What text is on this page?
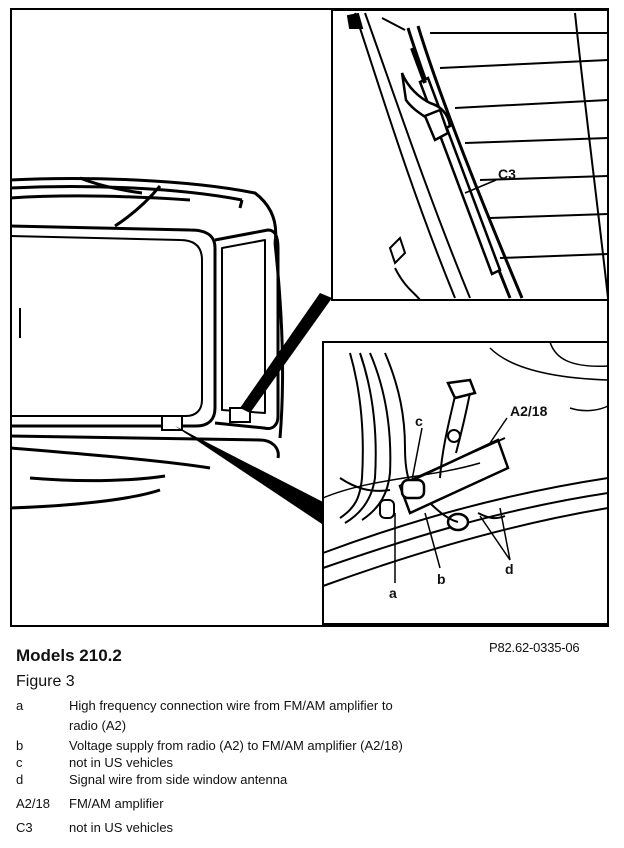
C3
A2/18
c
a
b
d
Models 210.2	P82.62-0335-06
Figure 3
a	High frequency connection wire from FM/AM amplifier to
radio (A2)
b	Voltage supply from radio (A2) to FM/AM amplifier (A2/18)
c	not in US vehicles
d	Signal wire from side window antenna
A2/18	FM/AM amplifier
C3	not in US vehicles
